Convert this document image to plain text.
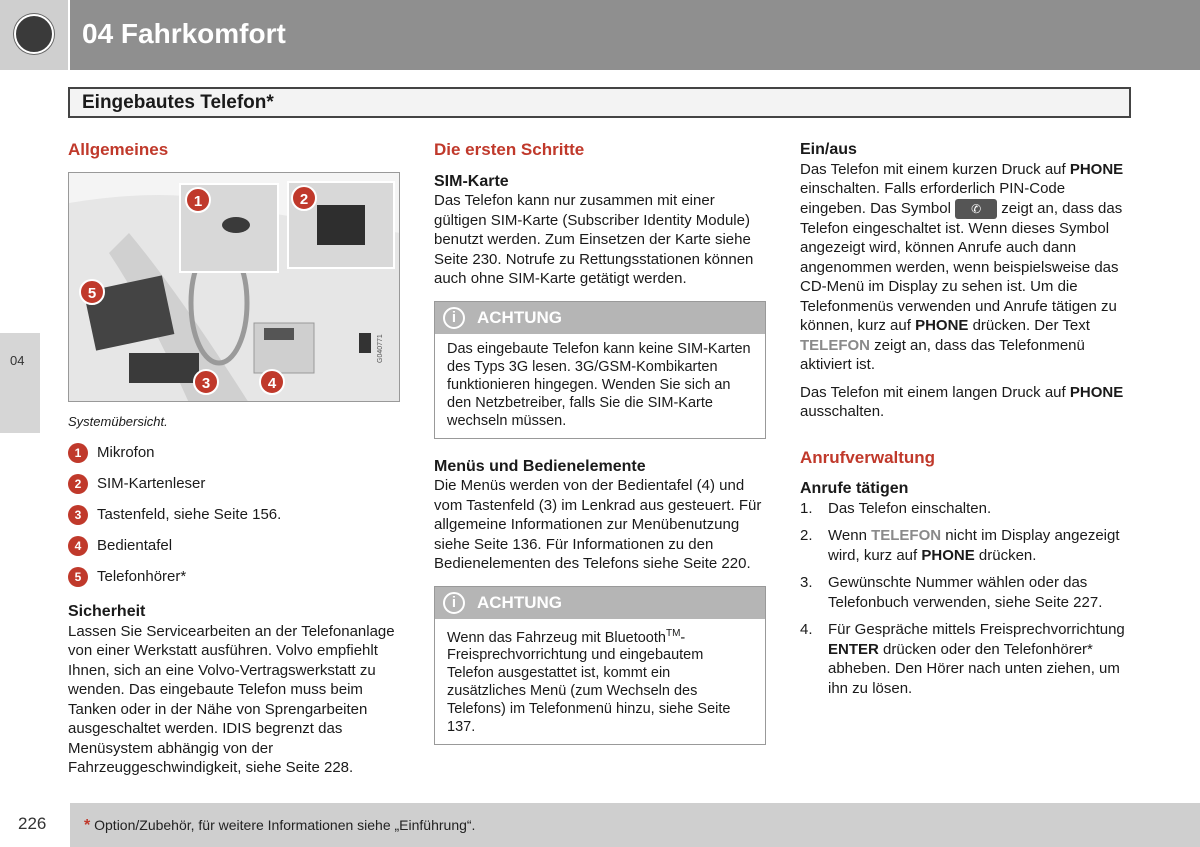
04 Fahrkomfort
Eingebautes Telefon*
04
Allgemeines
1	2
3	4
5
G040771
Systemübersicht.
1	Mikrofon
2	SIM-Kartenleser
3	Tastenfeld, siehe Seite 156.
4	Bedientafel
5	Telefonhörer*
Sicherheit

Lassen Sie Servicearbeiten an der Telefonanlage von einer Werkstatt ausführen. Volvo empfiehlt Ihnen, sich an eine Volvo-Vertragswerkstatt zu wenden. Das eingebaute Telefon muss beim Tanken oder in der Nähe von Sprengarbeiten ausgeschaltet werden. IDIS begrenzt das Menüsystem abhängig von der Fahrzeuggeschwindigkeit, siehe Seite 228.

Die ersten Schritte
SIM-Karte

Das Telefon kann nur zusammen mit einer gültigen SIM-Karte (Subscriber Identity Module) benutzt werden. Zum Einsetzen der Karte siehe Seite 230. Notrufe zu Rettungsstationen können auch ohne SIM-Karte getätigt werden.

i	ACHTUNG
Das eingebaute Telefon kann keine SIM-Karten des Typs 3G lesen. 3G/GSM-Kombikarten funktionieren hingegen. Wenden Sie sich an den Netzbetreiber, falls Sie die SIM-Karte wechseln müssen.
Menüs und Bedienelemente

Die Menüs werden von der Bedientafel (4) und vom Tastenfeld (3) im Lenkrad aus gesteuert. Für allgemeine Informationen zur Menübenutzung siehe Seite 136. Für Informationen zu den Bedienelementen des Telefons siehe Seite 220.

i	ACHTUNG
Wenn das Fahrzeug mit Bluetooth™-Freisprechvorrichtung und eingebautem Telefon ausgestattet ist, kommt ein zusätzliches Menü (zum Wechseln des Telefons) im Telefonmenü hinzu, siehe Seite 137.
Ein/aus

Das Telefon mit einem kurzen Druck auf PHONE einschalten. Falls erforderlich PIN-Code eingeben. Das Symbol ✆ zeigt an, dass das Telefon eingeschaltet ist. Wenn dieses Symbol angezeigt wird, können Anrufe auch dann angenommen werden, wenn beispielsweise das CD-Menü im Display zu sehen ist. Um die Telefonmenüs verwenden und Anrufe tätigen zu können, kurz auf PHONE drücken. Der Text TELEFON zeigt an, dass das Telefonmenü aktiviert ist.

Das Telefon mit einem langen Druck auf PHONE ausschalten.

Anrufverwaltung
Anrufe tätigen
1.	Das Telefon einschalten.
2.	Wenn TELEFON nicht im Display angezeigt wird, kurz auf PHONE drücken.
3.	Gewünschte Nummer wählen oder das Telefonbuch verwenden, siehe Seite 227.
4.	Für Gespräche mittels Freisprechvorrichtung ENTER drücken oder den Telefonhörer* abheben. Den Hörer nach unten ziehen, um ihn zu lösen.
226 * Option/Zubehör, für weitere Informationen siehe „Einführung“.
